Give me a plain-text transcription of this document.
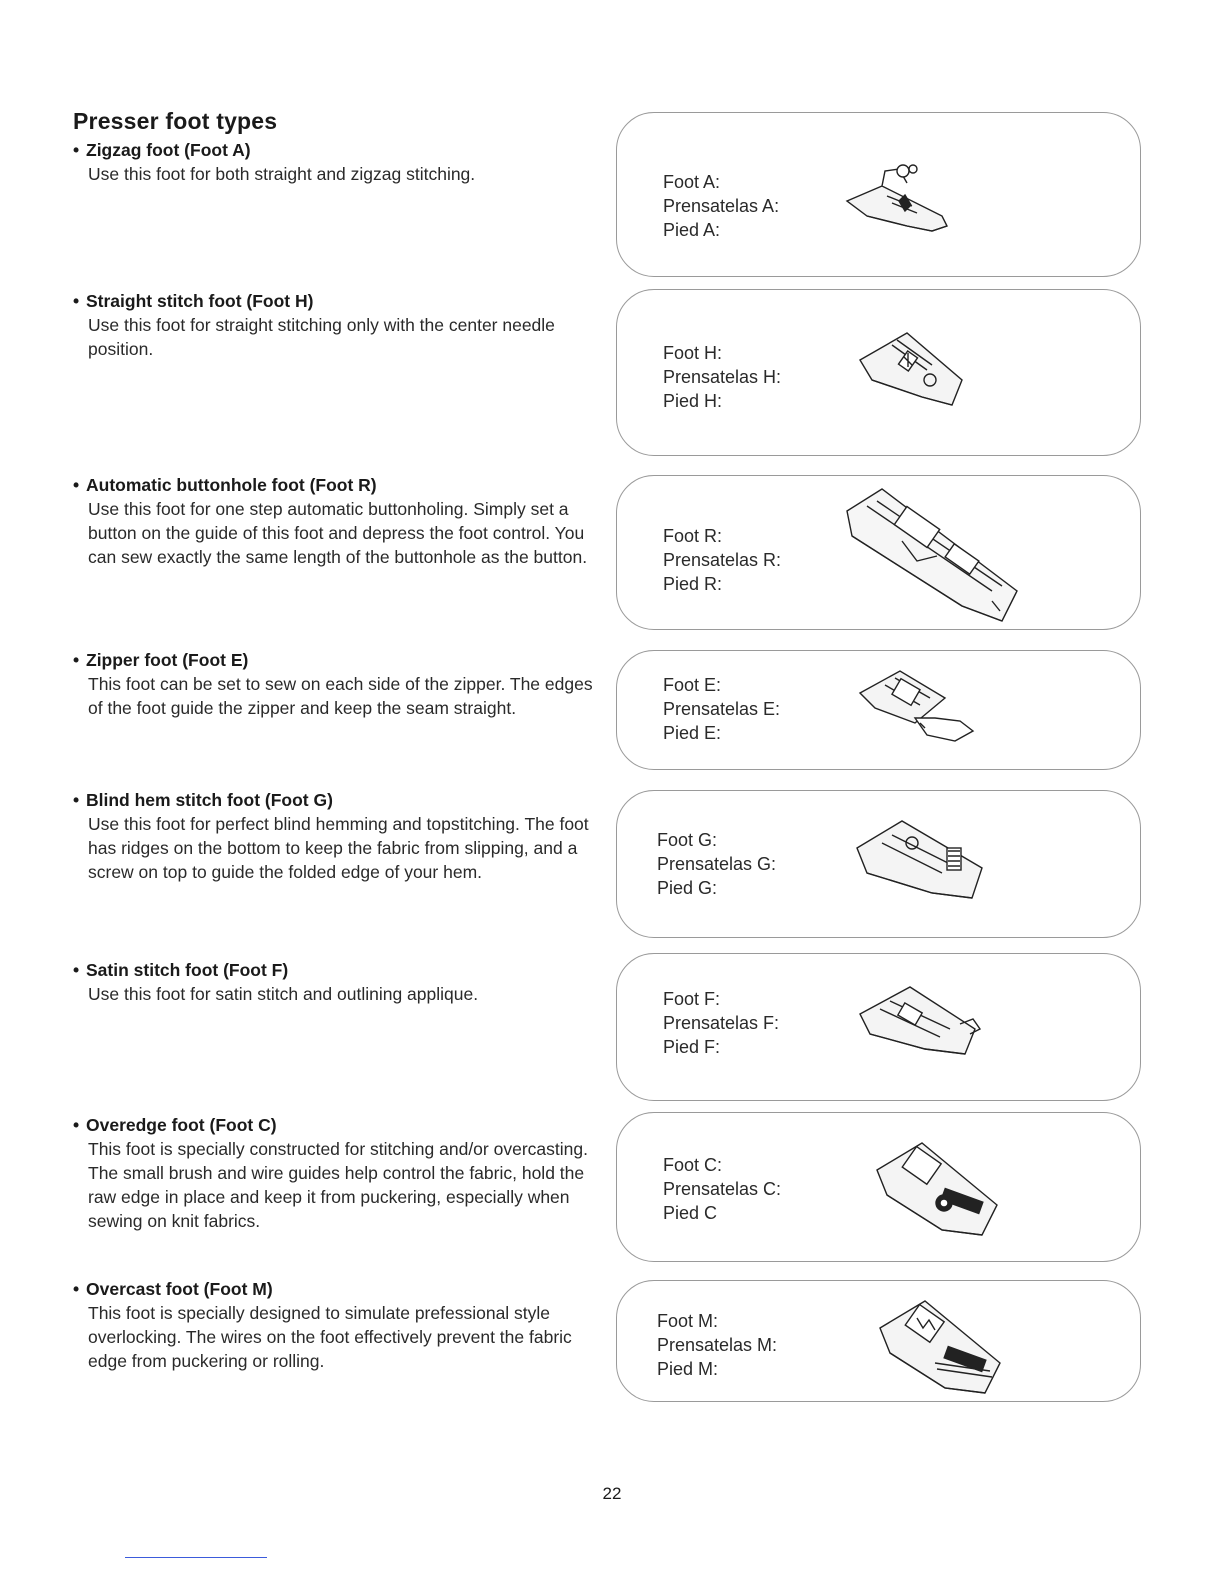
Presser foot types
• Zigzag foot (Foot A)

Use this foot for both straight and zigzag stitching.	Foot A:
Prensatelas A:
Pied A:
• Straight stitch foot (Foot H)

Use this foot for straight stitching only with the center needle position.	Foot H:
Prensatelas H:
Pied H:
• Automatic buttonhole foot (Foot R)

Use this foot for one step automatic buttonholing. Simply set a button on the guide of this foot and depress the foot control. You can sew exactly the same length of the buttonhole as the button.

Foot R:
Prensatelas R:
Pied R:
• Zipper foot (Foot E)

This foot can be set to sew on each side of the zipper. The edges of the foot guide the zipper and keep the seam straight.

Foot E:
Prensatelas E:
Pied E:
• Blind hem stitch foot (Foot G)

Use this foot for perfect blind hemming and topstitching. The foot has ridges on the bottom to keep the fabric from slipping, and a screw on top to guide the folded edge of your hem.

Foot G:
Prensatelas G:
Pied G:
• Satin stitch foot (Foot F)

Use this foot for satin stitch and outlining applique.	Foot F:
Prensatelas F:
Pied F:
• Overedge foot (Foot C)

This foot is specially constructed for stitching and/or overcasting. The small brush and wire guides help control the fabric, hold the raw edge in place and keep it from puckering, especially when sewing on knit fabrics.

Foot C:
Prensatelas C:
Pied C
• Overcast foot (Foot M)

This foot is specially designed to simulate prefessional style overlocking. The wires on the foot effectively prevent the fabric edge from puckering or rolling.

Foot M:
Prensatelas M:
Pied M:
22
